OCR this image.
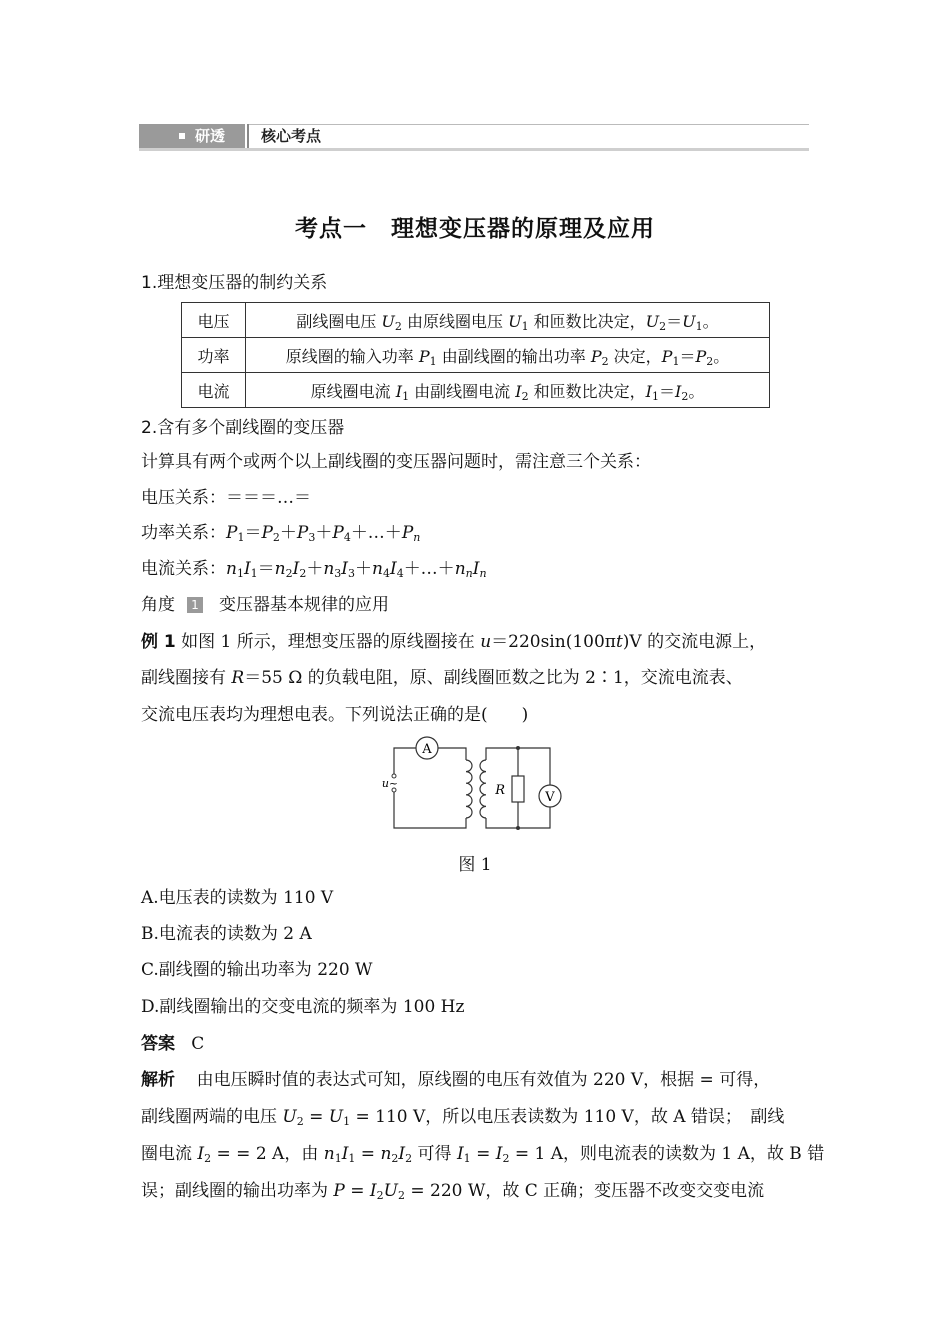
研透 核心考点
考点一　理想变压器的原理及应用
1.理想变压器的制约关系
电压	副线圈电压 $U_2$ 由原线圈电压 $U_1$ 和匝数比决定，$U_2=U_1$。
功率	原线圈的输入功率 $P_1$ 由副线圈的输出功率 $P_2$ 决定，$P_1=P_2$。
电流	原线圈电流 $I_1$ 由副线圈电流 $I_2$ 和匝数比决定，$I_1=I_2$。
2.含有多个副线圈的变压器
计算具有两个或两个以上副线圈的变压器问题时，需注意三个关系：
电压关系：＝＝＝…＝
功率关系：$P_1=P_2+P_3+P_4+\dots+P_n$
电流关系：$n_1I_1=n_2I_2+n_3I_3+n_4I_4+\dots+n_nI_n$
角度 1 变压器基本规律的应用
例 1 如图 1 所示，理想变压器的原线圈接在 u＝220sin(100πt)V 的交流电源上，
副线圈接有 R＝55 Ω 的负载电阻，原、副线圈匝数之比为 2∶1，交流电流表、
交流电压表均为理想电表。下列说法正确的是(　　)
A
V
R
u~
图 1
A.电压表的读数为 110 V
B.电流表的读数为 2 A
C.副线圈的输出功率为 220 W
D.副线圈输出的交变电流的频率为 100 Hz
答案 C
解析 由电压瞬时值的表达式可知，原线圈的电压有效值为 220 V，根据 = 可得，
副线圈两端的电压 $U_2 = U_1 = 110$ V，所以电压表读数为 110 V，故 A 错误；　副线
圈电流 $I_2$ = = 2 A，由 $n_1I_1 = n_2I_2$ 可得 $I_1 = I_2 = 1$ A，则电流表的读数为 1 A，故 B 错
误；副线圈的输出功率为 $P = I_2U_2 = 220$ W，故 C 正确；变压器不改变交变电流
